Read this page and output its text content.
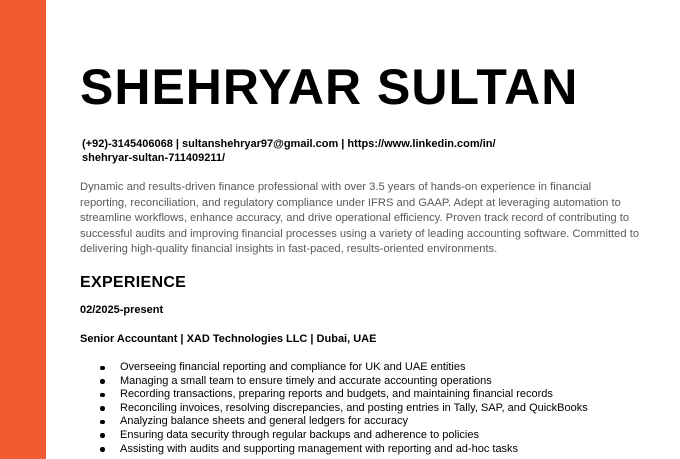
SHEHRYAR SULTAN
(+92)-3145406068 | sultanshehryar97@gmail.com | https://www.linkedin.com/in/
shehryar-sultan-711409211/
Dynamic and results-driven finance professional with over 3.5 years of hands-on experience in financial reporting, reconciliation, and regulatory compliance under IFRS and GAAP. Adept at leveraging automation to streamline workflows, enhance accuracy, and drive operational efficiency. Proven track record of contributing to successful audits and improving financial processes using a variety of leading accounting software. Committed to delivering high-quality financial insights in fast-paced, results-oriented environments.
EXPERIENCE
02/2025-present
Senior Accountant | XAD Technologies LLC | Dubai, UAE
Overseeing financial reporting and compliance for UK and UAE entities
Managing a small team to ensure timely and accurate accounting operations
Recording transactions, preparing reports and budgets, and maintaining financial records
Reconciling invoices, resolving discrepancies, and posting entries in Tally, SAP, and QuickBooks
Analyzing balance sheets and general ledgers for accuracy
Ensuring data security through regular backups and adherence to policies
Assisting with audits and supporting management with reporting and ad-hoc tasks
